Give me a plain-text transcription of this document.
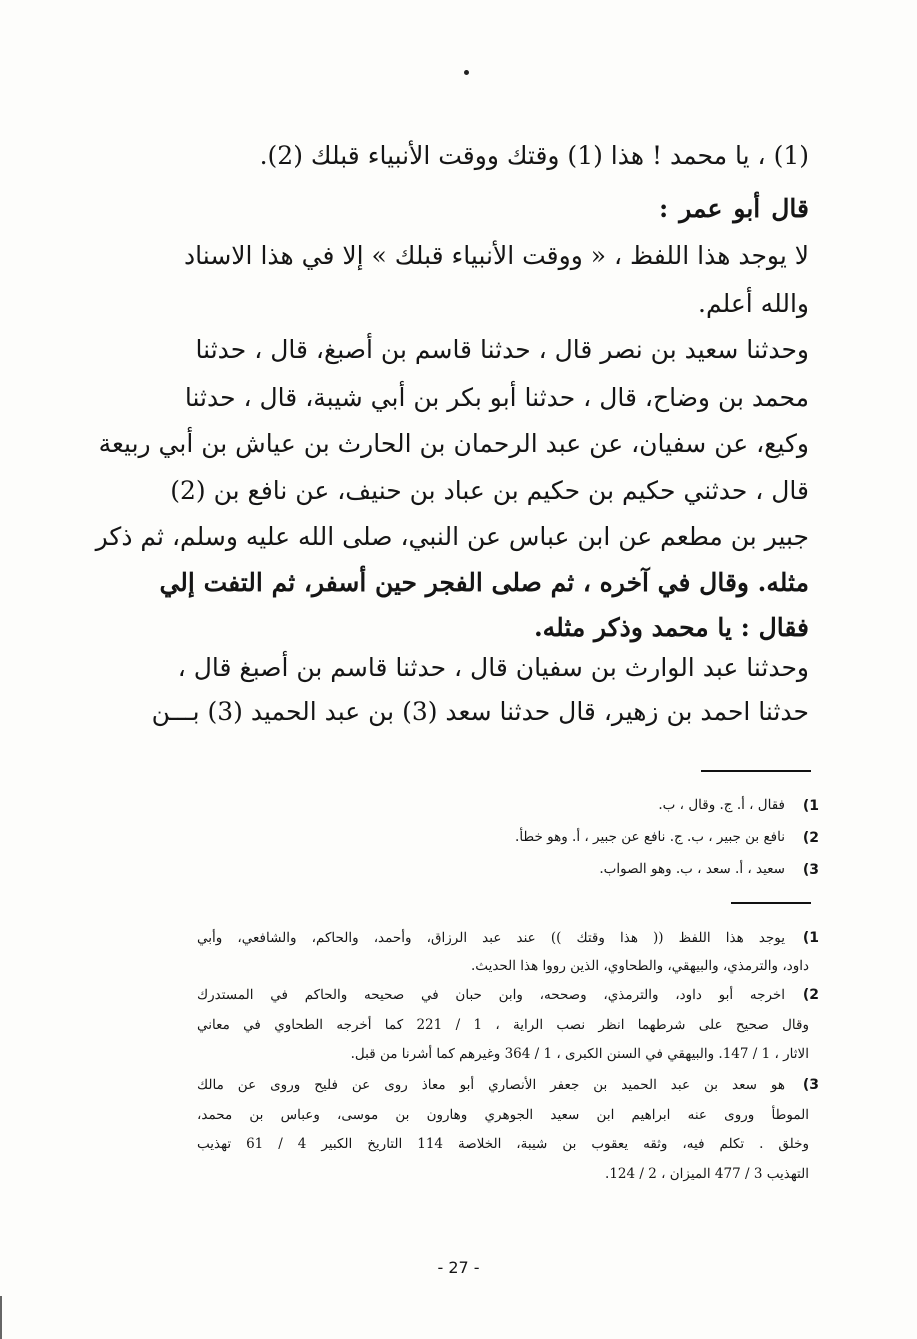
(1) ، يا محمد ! هذا (1) وقتك ووقت الأنبياء قبلك (2).
قال أبو عمر :
لا يوجد هذا اللفظ ، « ووقت الأنبياء قبلك » إلا في هذا الاسناد
والله أعلم.
وحدثنا سعيد بن نصر قال ، حدثنا قاسم بن أصبغ، قال ، حدثنا
محمد بن وضاح، قال ، حدثنا أبو بكر بن أبي شيبة، قال ، حدثنا
وكيع، عن سفيان، عن عبد الرحمان بن الحارث بن عياش بن أبي ربيعة
قال ، حدثني حكيم بن حكيم بن عباد بن حنيف، عن نافع بن (2)
جبير بن مطعم عن ابن عباس عن النبي، صلى الله عليه وسلم، ثم ذكر
مثله. وقال في آخره ، ثم صلى الفجر حين أسفر، ثم التفت إلي
فقال : يا محمد وذكر مثله.
وحدثنا عبد الوارث بن سفيان قال ، حدثنا قاسم بن أصبغ قال ،
حدثنا احمد بن زهير، قال حدثنا سعد (3) بن عبد الحميد (3) بـــن
(1
فقال ، أ. ج. وقال ، ب.
(2
نافع بن جبير ، ب. ج. نافع عن جبير ، أ. وهو خطأ.
(3
سعيد ، أ. سعد ، ب. وهو الصواب.
(1
يوجد هذا اللفظ (( هذا وقتك )) عند عبد الرزاق، وأحمد، والحاكم، والشافعي، وأبي
داود، والترمذي، والبيهقي، والطحاوي، الذين رووا هذا الحديث.
(2
اخرجه أبو داود، والترمذي، وصححه، وابن حبان في صحيحه والحاكم في المستدرك
وقال صحيح على شرطهما انظر نصب الراية ، 1 / 221 كما أخرجه الطحاوي في معاني
الاثار ، 1 / 147. والبيهقي في السنن الكبرى ، 1 / 364 وغيرهم كما أشرنا من قبل.
(3
هو سعد بن عبد الحميد بن جعفر الأنصاري أبو معاذ روى عن فليح وروى عن مالك
الموطأ وروى عنه ابراهيم ابن سعيد الجوهري وهارون بن موسى، وعباس بن محمد،
وخلق . تكلم فيه، وثقه يعقوب بن شيبة، الخلاصة 114 التاريخ الكبير 4 / 61 تهذيب
التهذيب 3 / 477 الميزان ، 2 / 124.
- 27 -
